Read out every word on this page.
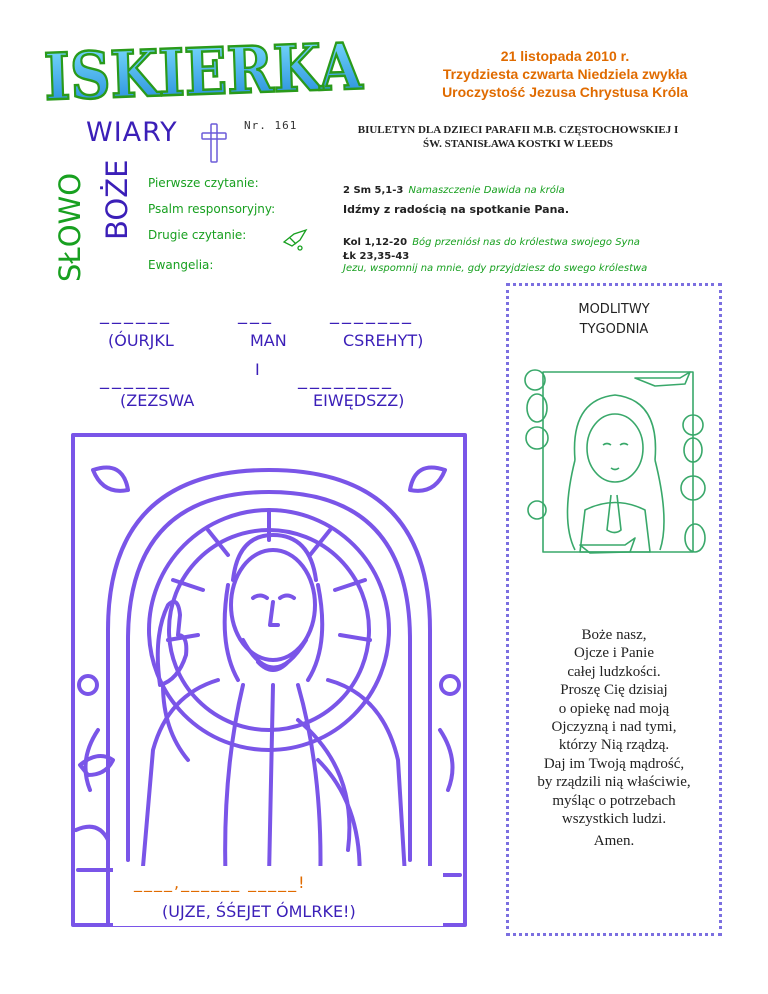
ISKIERKA	21 listopada 2010 r.
Trzydziesta czwarta Niedziela zwykła
Uroczystość Jezusa Chrystusa Króla
WIARY	Nr. 161	BIULETYN DLA DZIECI PARAFII M.B. CZĘSTOCHOWSKIEJ I
ŚW. STANISŁAWA KOSTKI W LEEDS
SŁOWO BOŻE Pierwsze czytanie:
2 Sm 5,1-3 Namaszczenie Dawida na króla
Psalm responsoryjny:	Idźmy z radością na spotkanie Pana.
Drugie czytanie:
Kol 1,12-20 Bóg przeniósł nas do królestwa swojego Syna
Ewangelia:
Łk 23,35-43
Jezu, wspomnij na mnie, gdy przyjdziesz do swego królestwa
______	___	_______
(ÓURJKL	MAN	CSREHYT)
I
______	________
(ZEZSWA	EIWĘDSZZ)
____,______ _____!
(UJZE, ŚŚEJET ÓMLRKE!)
MODLITWY
TYGODNIA
Boże nasz,
Ojcze i Panie
całej ludzkości.
Proszę Cię dzisiaj
o opiekę nad moją
Ojczyzną i nad tymi,
którzy Nią rządzą.
Daj im Twoją mądrość,
by rządzili nią właściwie,
myśląc o potrzebach
wszystkich ludzi.
Amen.
